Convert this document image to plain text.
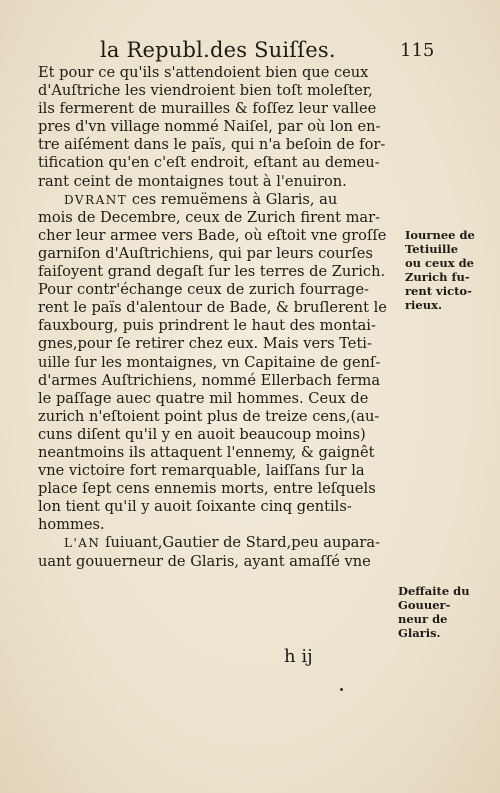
la Republ.des Suiſſes.	115
Et pour ce qu'ils s'attendoient bien que ceux
d'Auſtriche les viendroient bien toſt moleſter,
ils fermerent de murailles & foſſez leur vallee
pres d'vn village nommé Naiſel, par où lon en-
tre aiſément dans le païs, qui n'a beſoin de for-
tification qu'en c'eſt endroit, eſtant au demeu-
rant ceint de montaignes tout à l'enuiron.
DVRANT ces remuëmens à Glaris, au
mois de Decembre, ceux de Zurich firent mar-
cher leur armee vers Bade, où eſtoit vne groſſe
garniſon d'Auſtrichiens, qui par leurs courſes
faiſoyent grand degaſt ſur les terres de Zurich.
Pour contr'échange ceux de zurich fourrage-
rent le païs d'alentour de Bade, & bruſlerent le
fauxbourg, puis prindrent le haut des montai-
gnes,pour ſe retirer chez eux. Mais vers Teti-
uille ſur les montaignes, vn Capitaine de genſ-
d'armes Auſtrichiens, nommé Ellerbach ferma
le paſſage auec quatre mil hommes. Ceux de
zurich n'eſtoient point plus de treize cens,(au-
cuns diſent qu'il y en auoit beaucoup moins)
neantmoins ils attaquent l'ennemy, & gaignêt
vne victoire fort remarquable, laiſſans ſur la
place ſept cens ennemis morts, entre leſquels
lon tient qu'il y auoit ſoixante cinq gentils-
hommes.
L'AN ſuiuant,Gautier de Stard,peu aupara-
uant gouuerneur de Glaris, ayant amaſſé vne
Iournee de
Tetiuille
ou ceux de
Zurich fu-
rent victo-
rieux.
Deffaite du
Gouuer-
neur de
Glaris.
h ij
